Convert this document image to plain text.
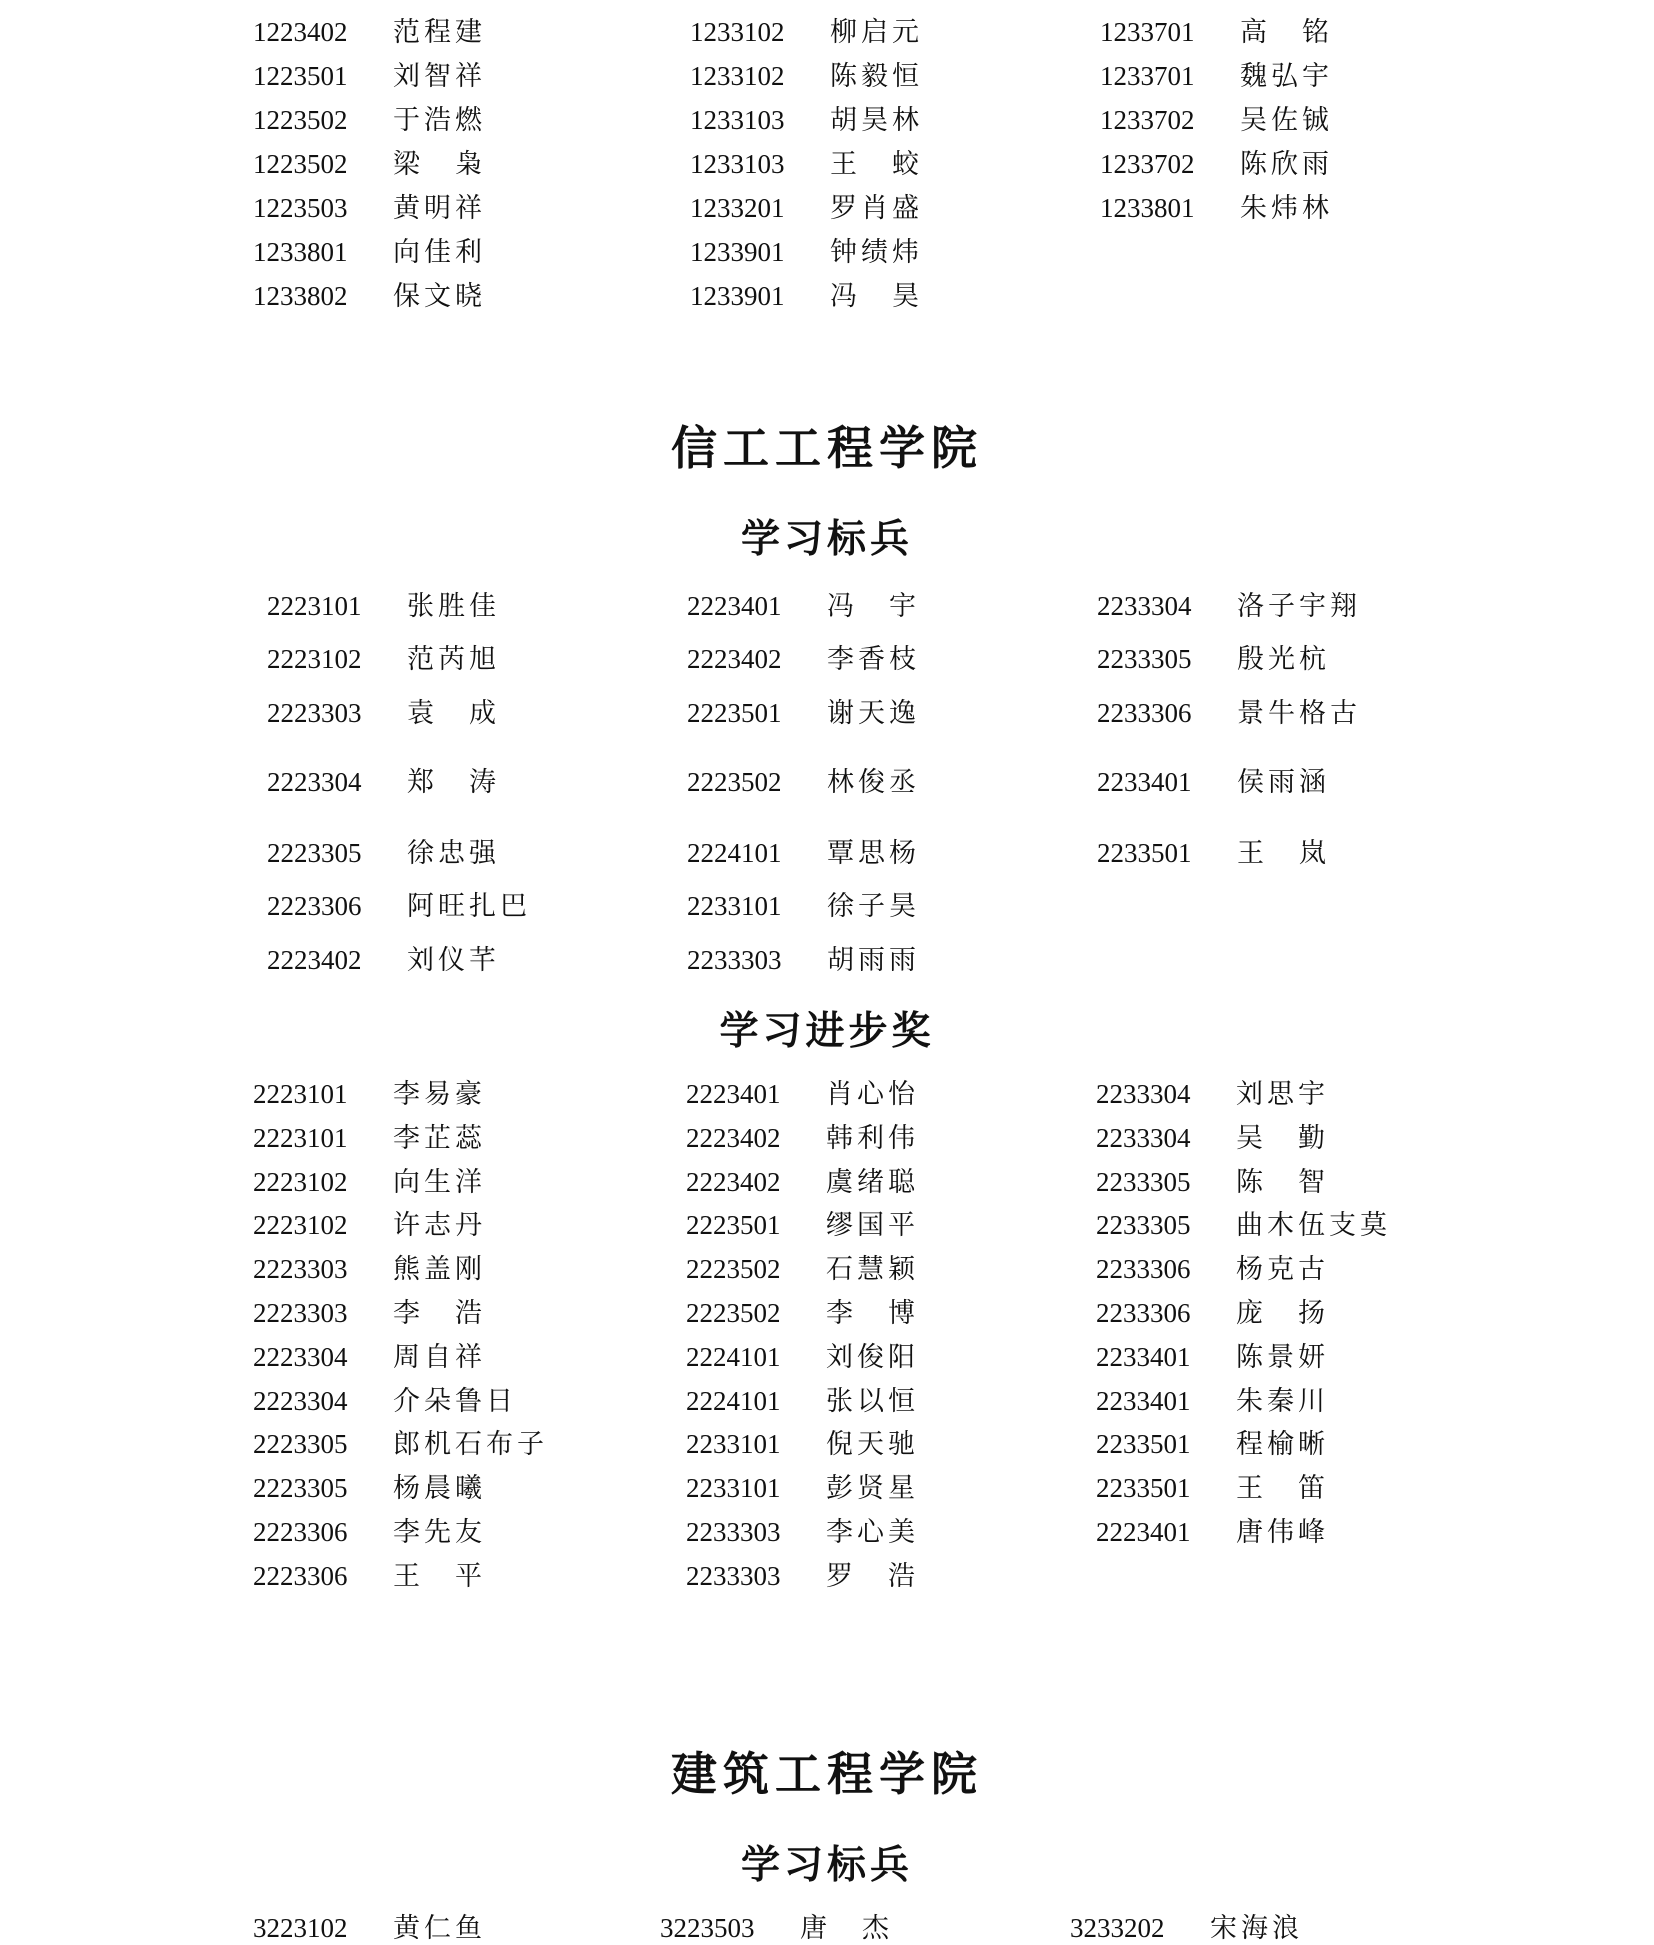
信工工程学院
学习标兵
学习进步奖
建筑工程学院
学习标兵
1223402 范程建
1223501 刘智祥
1223502 于浩燃
1223502 梁　枭
1223503 黄明祥
1233801 向佳利
1233802 保文晓
1233102 柳启元
1233102 陈毅恒
1233103 胡昊林
1233103 王　蛟
1233201 罗肖盛
1233901 钟绩炜
1233901 冯　昊
1233701 高　铭
1233701 魏弘宇
1233702 吴佐铖
1233702 陈欣雨
1233801 朱炜林
2223101 张胜佳
2223102 范芮旭
2223303 袁　成
2223304 郑　涛
2223305 徐忠强
2223306 阿旺扎巴
2223402 刘仪芊
2223401 冯　宇
2223402 李香枝
2223501 谢天逸
2223502 林俊丞
2224101 覃思杨
2233101 徐子昊
2233303 胡雨雨
2233304 洛子宇翔
2233305 殷光杭
2233306 景牛格古
2233401 侯雨涵
2233501 王　岚
2223101 李易豪
2223101 李芷蕊
2223102 向生洋
2223102 许志丹
2223303 熊盖刚
2223303 李　浩
2223304 周自祥
2223304 介朵鲁日
2223305 郎机石布子
2223305 杨晨曦
2223306 李先友
2223306 王　平
2223401 肖心怡
2223402 韩利伟
2223402 虞绪聪
2223501 缪国平
2223502 石慧颖
2223502 李　博
2224101 刘俊阳
2224101 张以恒
2233101 倪天驰
2233101 彭贤星
2233303 李心美
2233303 罗　浩
2233304 刘思宇
2233304 吴　勤
2233305 陈　智
2233305 曲木伍支莫
2233306 杨克古
2233306 庞　扬
2233401 陈景妍
2233401 朱秦川
2233501 程榆晰
2233501 王　笛
2223401 唐伟峰
3223102 黄仁鱼	3223503 唐　杰	3233202 宋海浪
